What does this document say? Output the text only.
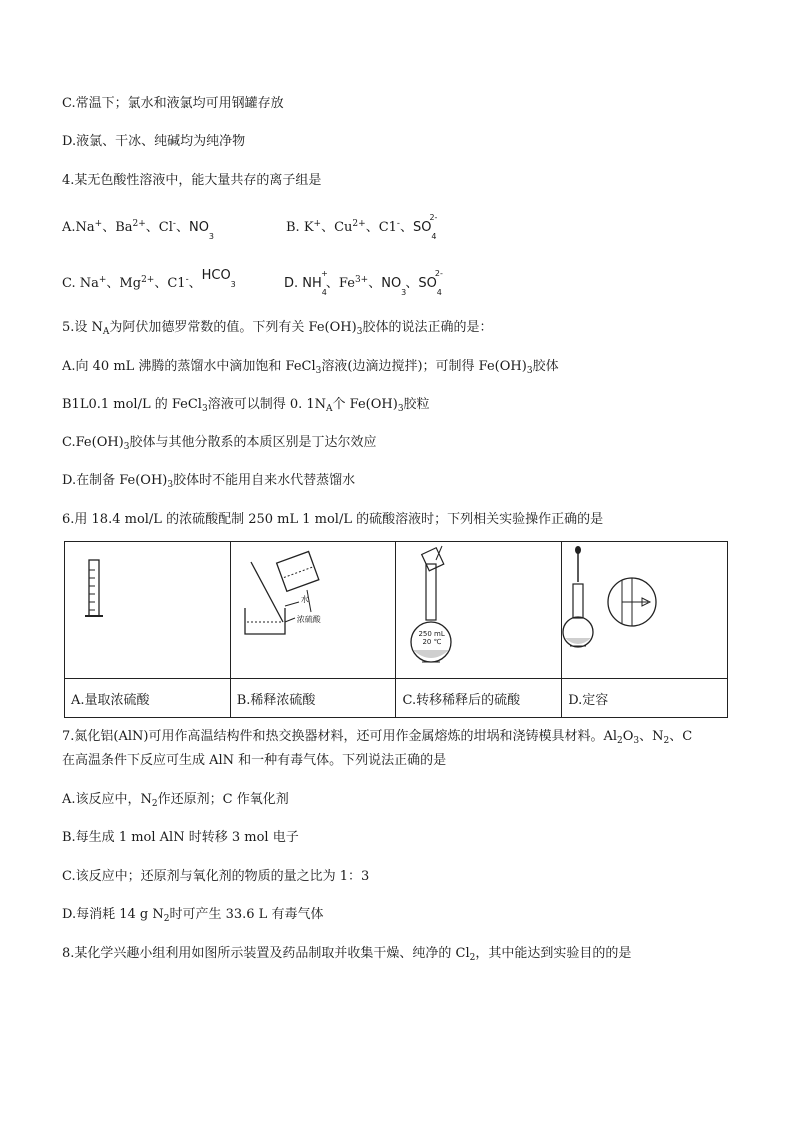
C.常温下；氯水和液氯均可用钢罐存放
D.液氯、干冰、纯碱均为纯净物
4.某无色酸性溶液中，能大量共存的离子组是
A.Na+、$Ba^{2+}$、Cl-、NO
3
B. K+、$Cu^{2+}$、C1-、SO
2-
4
C. Na+、$Mg^{2+}$、C1-、HCO
3	D. NH
+
4
、$Fe^{3+}$、NO
3
、SO
2-
4
5.设 $N_A$为阿伏加德罗常数的值。下列有关 $Fe(OH)_3$胶体的说法正确的是：
A.向 40 mL 沸腾的蒸馏水中滴加饱和 FeCl$_3$溶液(边滴边搅拌)；可制得 $Fe(OH)_3$胶体
B1L0.1 mol/L 的 FeCl$_3$溶液可以制得 0. $1N_A$个 $Fe(OH)_3$胶粒
$C.Fe(OH)_3$胶体与其他分散系的本质区别是丁达尔效应
D.在制备 $Fe(OH)_3$胶体时不能用自来水代替蒸馏水
6.用 18.4 mol/L 的浓硫酸配制 250 mL 1 mol/L 的硫酸溶液时；下列相关实验操作正确的是

水
浓硫酸	250 mL
20 ℃

A.量取浓硫酸	B.稀释浓硫酸	C.转移稀释后的硫酸	D.定容
7.氮化铝(AlN)可用作高温结构件和热交换器材料，还可用作金属熔炼的坩埚和浇铸模具材料。$Al_2O_3$、$N_2$、C
在高温条件下反应可生成 AlN 和一种有毒气体。下列说法正确的是
A.该反应中，$N_2$作还原剂；C 作氧化剂
B.每生成 1 mol AlN 时转移 3 mol 电子
C.该反应中；还原剂与氧化剂的物质的量之比为 1：3
D.每消耗 14 g $N_2$时可产生 33.6 L 有毒气体
8.某化学兴趣小组利用如图所示装置及药品制取并收集干燥、纯净的 $Cl_2$，其中能达到实验目的的是
